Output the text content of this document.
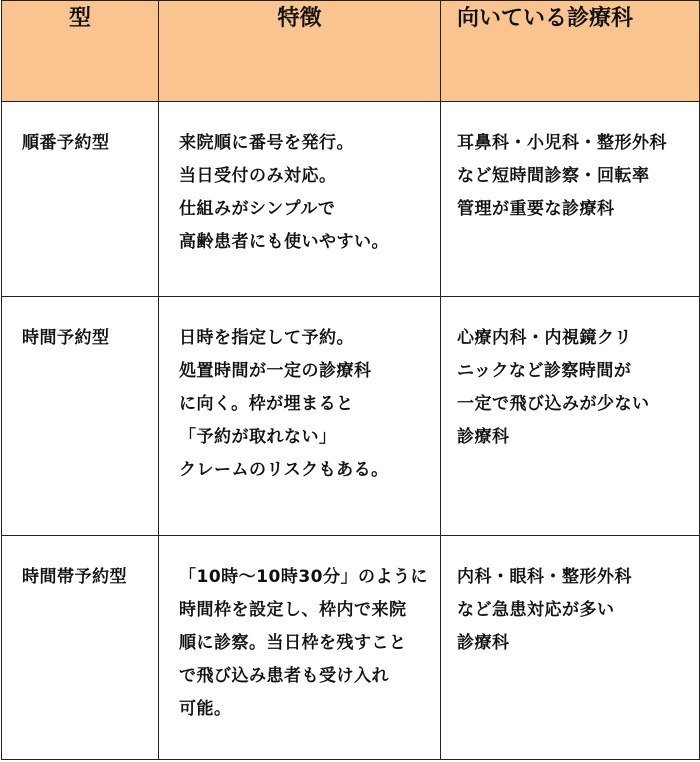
型	特徴	向いている診療科

順番予約型	来院順に番号を発行。
当日受付のみ対応。
仕組みがシンプルで
高齢患者にも使いやすい。	耳鼻科・小児科・整形外科
など短時間診察・回転率
管理が重要な診療科

時間予約型	日時を指定して予約。
処置時間が一定の診療科
に向く。枠が埋まると
「予約が取れない」
クレームのリスクもある。	心療内科・内視鏡クリ
ニックなど診察時間が
一定で飛び込みが少ない
診療科

時間帯予約型	「10時〜10時30分」のように
時間枠を設定し、枠内で来院
順に診察。当日枠を残すこと
で飛び込み患者も受け入れ
可能。	内科・眼科・整形外科
など急患対応が多い
診療科
